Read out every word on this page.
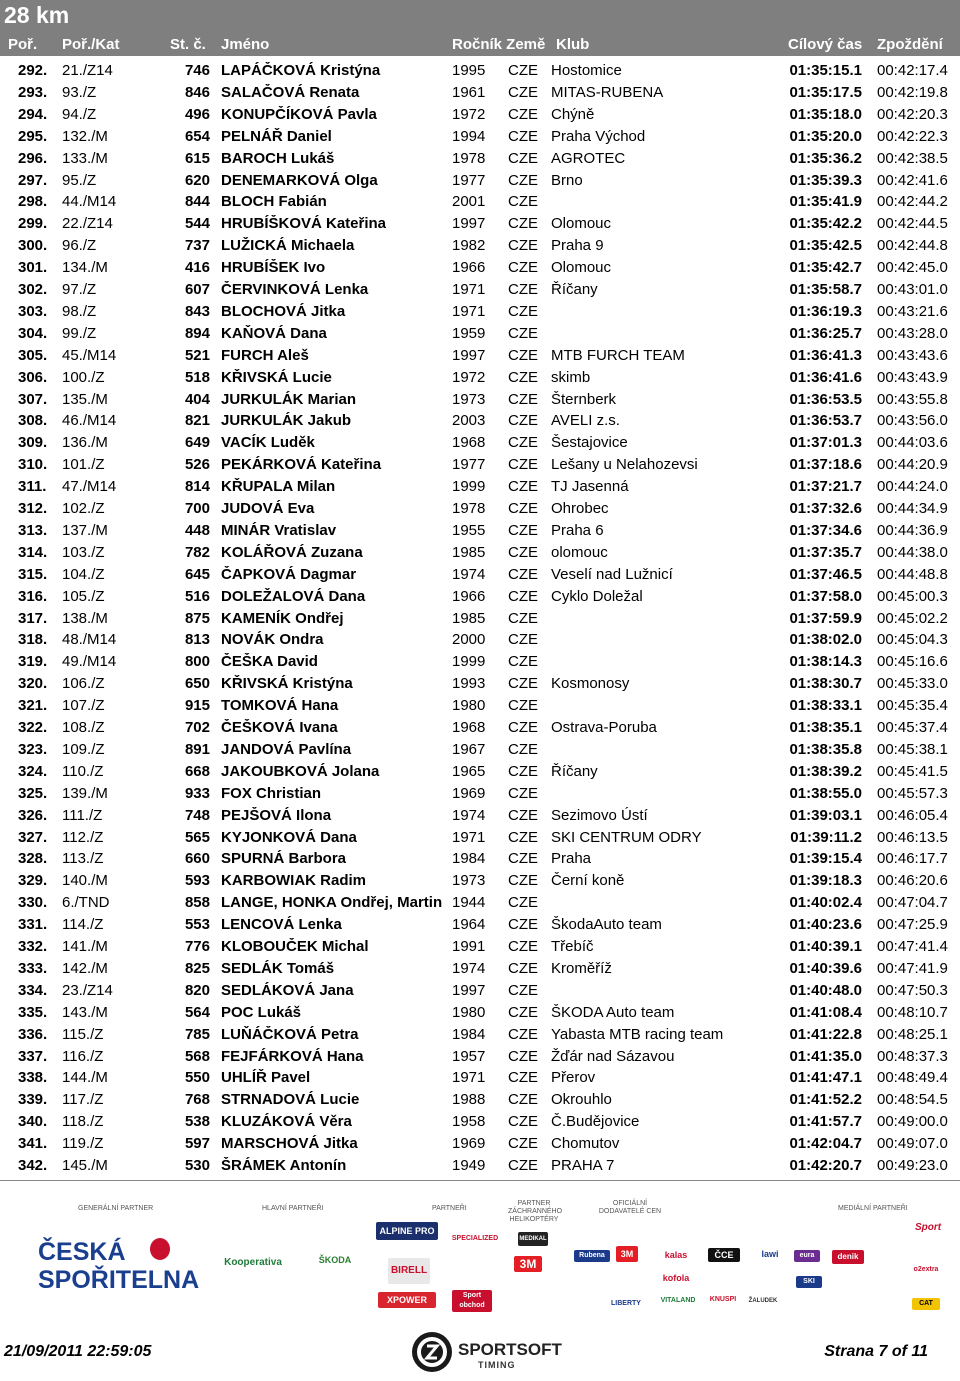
28 km
Poř. Poř./Kat	St. č. Jméno	Ročník Země Klub	Cílový čas Zpoždění
292. 21./Z14	746 LAPÁČKOVÁ Kristýna	1995	CZE Hostomice	01:35:15.1 00:42:17.4
293. 93./Z	846 SALAČOVÁ Renata	1961	CZE MITAS-RUBENA	01:35:17.5 00:42:19.8
294. 94./Z	496 KONUPČÍKOVÁ Pavla	1972	CZE Chýně	01:35:18.0 00:42:20.3
295. 132./M	654 PELNÁŘ Daniel	1994	CZE Praha Východ	01:35:20.0 00:42:22.3
296. 133./M	615 BAROCH Lukáš	1978	CZE AGROTEC	01:35:36.2 00:42:38.5
297. 95./Z	620 DENEMARKOVÁ Olga	1977	CZE Brno	01:35:39.3 00:42:41.6
298. 44./M14	844 BLOCH Fabián	2001	CZE	01:35:41.9 00:42:44.2
299. 22./Z14	544 HRUBÍŠKOVÁ Kateřina	1997	CZE Olomouc	01:35:42.2 00:42:44.5
300. 96./Z	737 LUŽICKÁ Michaela	1982	CZE Praha 9	01:35:42.5 00:42:44.8
301. 134./M	416 HRUBÍŠEK Ivo	1966	CZE Olomouc	01:35:42.7 00:42:45.0
302. 97./Z	607 ČERVINKOVÁ Lenka	1971	CZE Říčany	01:35:58.7 00:43:01.0
303. 98./Z	843 BLOCHOVÁ Jitka	1971	CZE	01:36:19.3 00:43:21.6
304. 99./Z	894 KAŇOVÁ Dana	1959	CZE	01:36:25.7 00:43:28.0
305. 45./M14	521 FURCH Aleš	1997	CZE MTB FURCH TEAM	01:36:41.3 00:43:43.6
306. 100./Z	518 KŘIVSKÁ Lucie	1972	CZE skimb	01:36:41.6 00:43:43.9
307. 135./M	404 JURKULÁK Marian	1973	CZE Šternberk	01:36:53.5 00:43:55.8
308. 46./M14	821 JURKULÁK Jakub	2003	CZE AVELI z.s.	01:36:53.7 00:43:56.0
309. 136./M	649 VACÍK Luděk	1968	CZE Šestajovice	01:37:01.3 00:44:03.6
310. 101./Z	526 PEKÁRKOVÁ Kateřina	1977	CZE Lešany u Nelahozevsi	01:37:18.6 00:44:20.9
311. 47./M14	814 KŘUPALA Milan	1999	CZE TJ Jasenná	01:37:21.7 00:44:24.0
312. 102./Z	700 JUDOVÁ Eva	1978	CZE Ohrobec	01:37:32.6 00:44:34.9
313. 137./M	448 MINÁR Vratislav	1955	CZE Praha 6	01:37:34.6 00:44:36.9
314. 103./Z	782 KOLÁŘOVÁ Zuzana	1985	CZE olomouc	01:37:35.7 00:44:38.0
315. 104./Z	645 ČAPKOVÁ Dagmar	1974	CZE Veselí nad Lužnicí	01:37:46.5 00:44:48.8
316. 105./Z	516 DOLEŽALOVÁ Dana	1966	CZE Cyklo Doležal	01:37:58.0 00:45:00.3
317. 138./M	875 KAMENÍK Ondřej	1985	CZE	01:37:59.9 00:45:02.2
318. 48./M14	813 NOVÁK Ondra	2000	CZE	01:38:02.0 00:45:04.3
319. 49./M14	800 ČEŠKA David	1999	CZE	01:38:14.3 00:45:16.6
320. 106./Z	650 KŘIVSKÁ Kristýna	1993	CZE Kosmonosy	01:38:30.7 00:45:33.0
321. 107./Z	915 TOMKOVÁ Hana	1980	CZE	01:38:33.1 00:45:35.4
322. 108./Z	702 ČEŠKOVÁ Ivana	1968	CZE Ostrava-Poruba	01:38:35.1 00:45:37.4
323. 109./Z	891 JANDOVÁ Pavlína	1967	CZE	01:38:35.8 00:45:38.1
324. 110./Z	668 JAKOUBKOVÁ Jolana	1965	CZE Říčany	01:38:39.2 00:45:41.5
325. 139./M	933 FOX Christian	1969	CZE	01:38:55.0 00:45:57.3
326. 111./Z	748 PEJŠOVÁ Ilona	1974	CZE Sezimovo Ústí	01:39:03.1 00:46:05.4
327. 112./Z	565 KYJONKOVÁ Dana	1971	CZE SKI CENTRUM ODRY	01:39:11.2 00:46:13.5
328. 113./Z	660 SPURNÁ Barbora	1984	CZE Praha	01:39:15.4 00:46:17.7
329. 140./M	593 KARBOWIAK Radim	1973	CZE Černí koně	01:39:18.3 00:46:20.6
330. 6./TND	858 LANGE, HONKA Ondřej, Martin 1944	CZE	01:40:02.4 00:47:04.7
331. 114./Z	553 LENCOVÁ Lenka	1964	CZE ŠkodaAuto team	01:40:23.6 00:47:25.9
332. 141./M	776 KLOBOUČEK Michal	1991	CZE Třebíč	01:40:39.1 00:47:41.4
333. 142./M	825 SEDLÁK Tomáš	1974	CZE Kroměříž	01:40:39.6 00:47:41.9
334. 23./Z14	820 SEDLÁKOVÁ Jana	1997	CZE	01:40:48.0 00:47:50.3
335. 143./M	564 POC Lukáš	1980	CZE ŠKODA Auto team	01:41:08.4 00:48:10.7
336. 115./Z	785 LUŇÁČKOVÁ Petra	1984	CZE Yabasta MTB racing team	01:41:22.8 00:48:25.1
337. 116./Z	568 FEJFÁRKOVÁ Hana	1957	CZE Žďár nad Sázavou	01:41:35.0 00:48:37.3
338. 144./M	550 UHLÍŘ Pavel	1971	CZE Přerov	01:41:47.1 00:48:49.4
339. 117./Z	768 STRNADOVÁ Lucie	1988	CZE Okrouhlo	01:41:52.2 00:48:54.5
340. 118./Z	538 KLUZÁKOVÁ Věra	1958	CZE Č.Budějovice	01:41:57.7 00:49:00.0
341. 119./Z	597 MARSCHOVÁ Jitka	1969	CZE Chomutov	01:42:04.7 00:49:07.0
342. 145./M	530 ŠRÁMEK Antonín	1949	CZE PRAHA 7	01:42:20.7 00:49:23.0
GENERÁLNÍ PARTNER	HLAVNÍ PARTNEŘI	PARTNEŘI
PARTNER ZÁCHRANNÉHO HELIKOPTÉRY
OFICIÁLNÍ DODAVATELÉ CEN	MEDIÁLNÍ PARTNEŘI
ČESKÁ
SPOŘITELNA
Kooperativa	ŠKODA
ALPINE PRO
BIRELL
XPOWER
SPECIALIZED
3M
Sport obchod
MEDIKAL
Rubena 3M
LIBERTY
kalas
kofola
VITALAND KNUSPI ŽALUDEK
ČCE	lawi	eura
SKI
denik
Sport
o2extra
CAT
21/09/2011 22:59:05	SPORTSOFT
TIMING
Strana 7 of 11
